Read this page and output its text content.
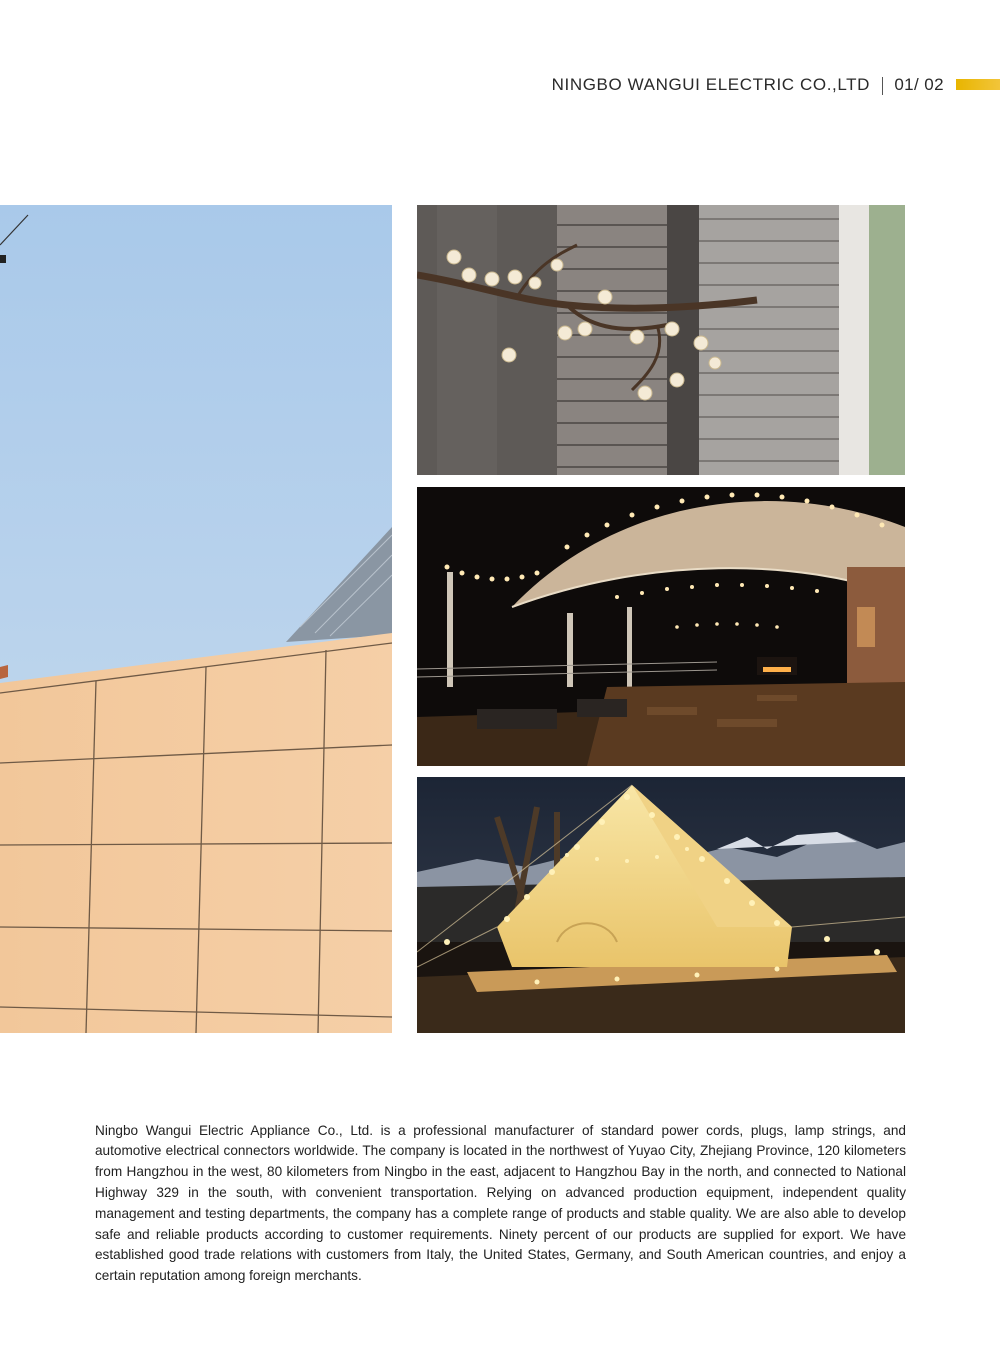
NINGBO WANGUI ELECTRIC CO.,LTD 01/ 02

Ningbo Wangui Electric Appliance Co., Ltd. is a professional manufacturer of standard power cords, plugs, lamp strings, and automotive electrical connectors worldwide. The company is located in the northwest of Yuyao City, Zhejiang Province, 120 kilometers from Hangzhou in the west, 80 kilometers from Ningbo in the east, adjacent to Hangzhou Bay in the north, and connected to National Highway 329 in the south, with convenient transportation. Relying on advanced production equipment, independent quality management and testing departments, the company has a complete range of products and stable quality. We are also able to develop safe and reliable products according to customer requirements. Ninety percent of our products are supplied for export. We have established good trade relations with customers from Italy, the United States, Germany, and South American countries, and enjoy a certain reputation among foreign merchants.
